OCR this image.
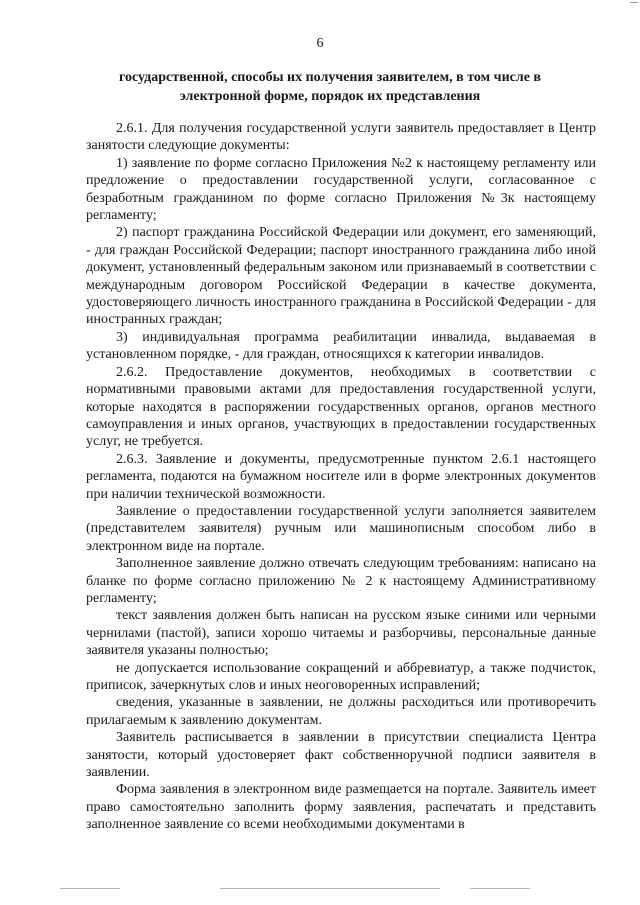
6
государственной, способы их получения заявителем, в том числе в электронной форме, порядок их представления

2.6.1. Для получения государственной услуги заявитель предоставляет в Центр занятости следующие документы:

1) заявление по форме согласно Приложения №2 к настоящему регламенту или предложение о предоставлении государственной услуги, согласованное с безработным гражданином по форме согласно Приложения №3к настоящему регламенту;

2) паспорт гражданина Российской Федерации или документ, его заменяющий, - для граждан Российской Федерации; паспорт иностранного гражданина либо иной документ, установленный федеральным законом или признаваемый в соответствии с международным договором Российской Федерации в качестве документа, удостоверяющего личность иностранного гражданина в Российской Федерации - для иностранных граждан;

3) индивидуальная программа реабилитации инвалида, выдаваемая в установленном порядке, - для граждан, относящихся к категории инвалидов.

2.6.2. Предоставление документов, необходимых в соответствии с нормативными правовыми актами для предоставления государственной услуги, которые находятся в распоряжении государственных органов, органов местного самоуправления и иных органов, участвующих в предоставлении государственных услуг, не требуется.

2.6.3. Заявление и документы, предусмотренные пунктом 2.6.1 настоящего регламента, подаются на бумажном носителе или в форме электронных документов при наличии технической возможности.

Заявление о предоставлении государственной услуги заполняется заявителем (представителем заявителя) ручным или машинописным способом либо в электронном виде на портале.

Заполненное заявление должно отвечать следующим требованиям: написано на бланке по форме согласно приложению № 2 к настоящему Административному регламенту;

текст заявления должен быть написан на русском языке синими или черными чернилами (пастой), записи хорошо читаемы и разборчивы, персональные данные заявителя указаны полностью;

не допускается использование сокращений и аббревиатур, а также подчисток, приписок, зачеркнутых слов и иных неоговоренных исправлений;

сведения, указанные в заявлении, не должны расходиться или противоречить прилагаемым к заявлению документам.

Заявитель расписывается в заявлении в присутствии специалиста Центра занятости, который удостоверяет факт собственноручной подписи заявителя в заявлении.

Форма заявления в электронном виде размещается на портале. Заявитель имеет право самостоятельно заполнить форму заявления, распечатать и представить заполненное заявление со всеми необходимыми документами в
